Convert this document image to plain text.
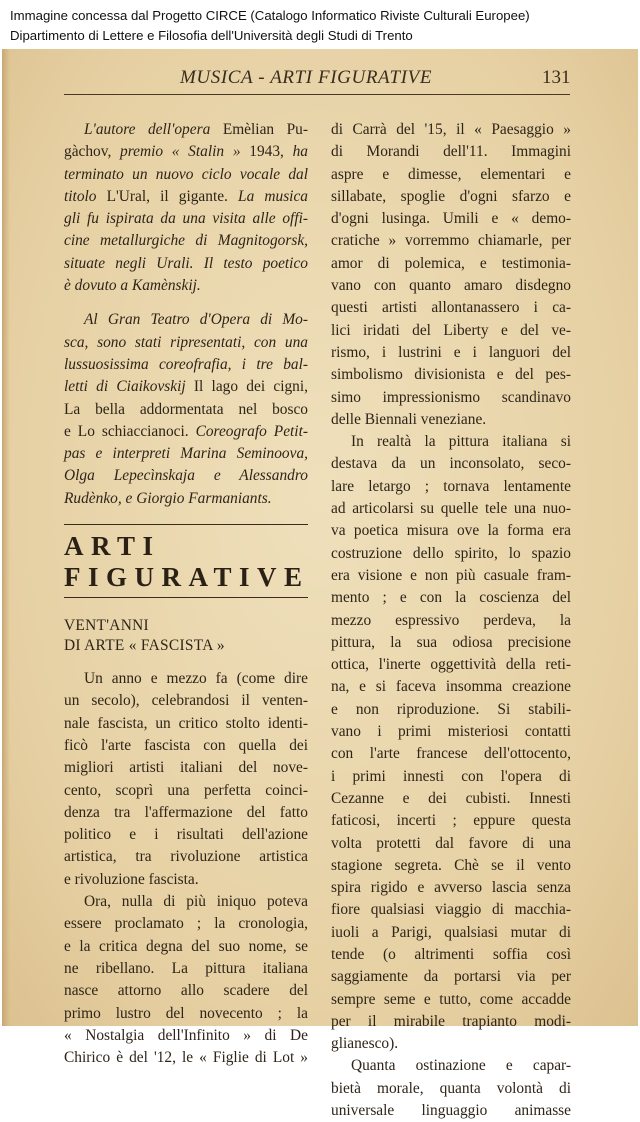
Immagine concessa dal Progetto CIRCE (Catalogo Informatico Riviste Culturali Europee)
Dipartimento di Lettere e Filosofia dell'Università degli Studi di Trento
MUSICA - ARTI FIGURATIVE	131
L'autore dell'opera Emèlian Pu-
gàchov, premio « Stalin » 1943, ha
terminato un nuovo ciclo vocale dal
titolo L'Ural, il gigante. La musica
gli fu ispirata da una visita alle offi-
cine metallurgiche di Magnitogorsk,
situate negli Urali. Il testo poetico
è dovuto a Kamènskij.
Al Gran Teatro d'Opera di Mo-
sca, sono stati ripresentati, con una
lussuosissima coreofrafia, i tre bal-
letti di Ciaikovskij Il lago dei cigni,
La bella addormentata nel bosco
e Lo schiaccianoci. Coreografo Petit-
pas e interpreti Marina Seminoova,
Olga Lepecìnskaja e Alessandro
Rudènko, e Giorgio Farmaniants.
ARTI
FIGURATIVE
VENT'ANNI
DI ARTE « FASCISTA »
Un anno e mezzo fa (come dire
un secolo), celebrandosi il venten-
nale fascista, un critico stolto identi-
ficò l'arte fascista con quella dei
migliori artisti italiani del nove-
cento, scoprì una perfetta coinci-
denza tra l'affermazione del fatto
politico e i risultati dell'azione
artistica, tra rivoluzione artistica
e rivoluzione fascista.
Ora, nulla di più iniquo poteva
essere proclamato ; la cronologia,
e la critica degna del suo nome, se
ne ribellano. La pittura italiana
nasce attorno allo scadere del
primo lustro del novecento ; la
« Nostalgia dell'Infinito » di De
Chirico è del '12, le « Figlie di Lot »
di Carrà del '15, il « Paesaggio »
di Morandi dell'11. Immagini
aspre e dimesse, elementari e
sillabate, spoglie d'ogni sfarzo e
d'ogni lusinga. Umili e « demo-
cratiche » vorremmo chiamarle, per
amor di polemica, e testimonia-
vano con quanto amaro disdegno
questi artisti allontanassero i ca-
lici iridati del Liberty e del ve-
rismo, i lustrini e i languori del
simbolismo divisionista e del pes-
simo impressionismo scandinavo
delle Biennali veneziane.
In realtà la pittura italiana si
destava da un inconsolato, seco-
lare letargo ; tornava lentamente
ad articolarsi su quelle tele una nuo-
va poetica misura ove la forma era
costruzione dello spirito, lo spazio
era visione e non più casuale fram-
mento ; e con la coscienza del
mezzo espressivo perdeva, la
pittura, la sua odiosa precisione
ottica, l'inerte oggettività della reti-
na, e si faceva insomma creazione
e non riproduzione. Si stabili-
vano i primi misteriosi contatti
con l'arte francese dell'ottocento,
i primi innesti con l'opera di
Cezanne e dei cubisti. Innesti
faticosi, incerti ; eppure questa
volta protetti dal favore di una
stagione segreta. Chè se il vento
spira rigido e avverso lascia senza
fiore qualsiasi viaggio di macchia-
iuoli a Parigi, qualsiasi mutar di
tende (o altrimenti soffia così
saggiamente da portarsi via per
sempre seme e tutto, come accadde
per il mirabile trapianto modi-
glianesco).
Quanta ostinazione e capar-
bietà morale, quanta volontà di
universale linguaggio animasse
